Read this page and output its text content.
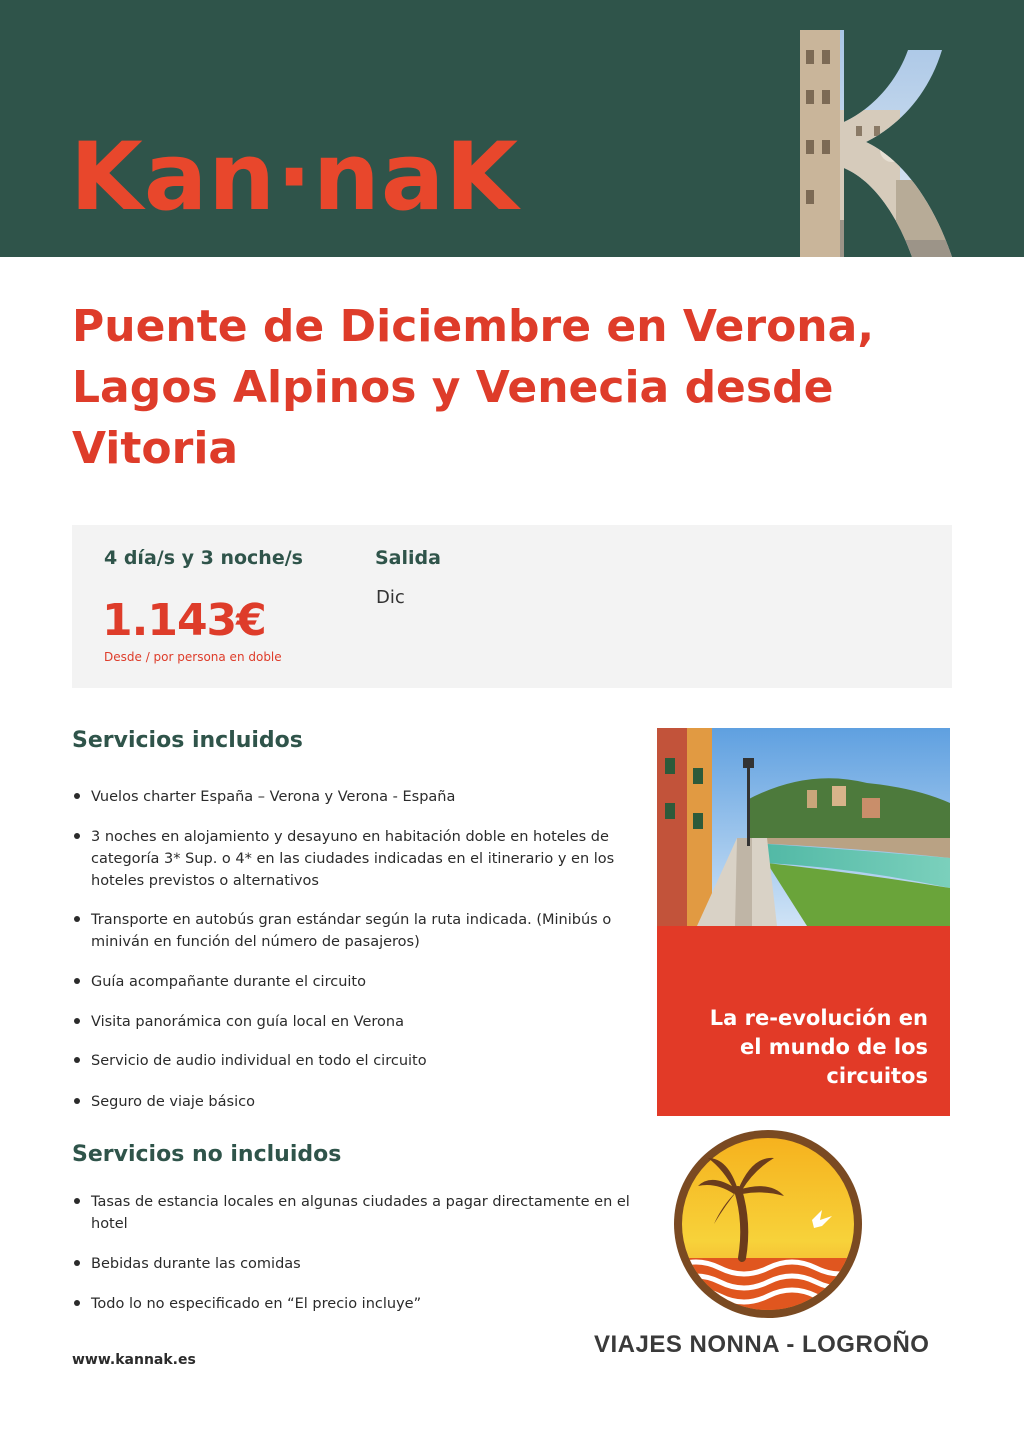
Kan·naK
Puente de Diciembre en Verona,
Lagos Alpinos y Venecia desde
Vitoria
4 día/s y 3 noche/s
1.143€
Desde / por persona en doble
Salida
Dic
Servicios incluidos
Vuelos charter España – Verona y Verona - España
3 noches en alojamiento y desayuno en habitación doble en hoteles de categoría 3* Sup. o 4* en las ciudades indicadas en el itinerario y en los hoteles previstos o alternativos
Transporte en autobús gran estándar según la ruta indicada. (Minibús o miniván en función del número de pasajeros)
Guía acompañante durante el circuito
Visita panorámica con guía local en Verona
Servicio de audio individual en todo el circuito
Seguro de viaje básico
Servicios no incluidos
Tasas de estancia locales en algunas ciudades a pagar directamente en el hotel
Bebidas durante las comidas
Todo lo no especificado en “El precio incluye”
La re-evolución en
el mundo de los
circuitos
VIAJES NONNA - LOGROÑO
www.kannak.es
